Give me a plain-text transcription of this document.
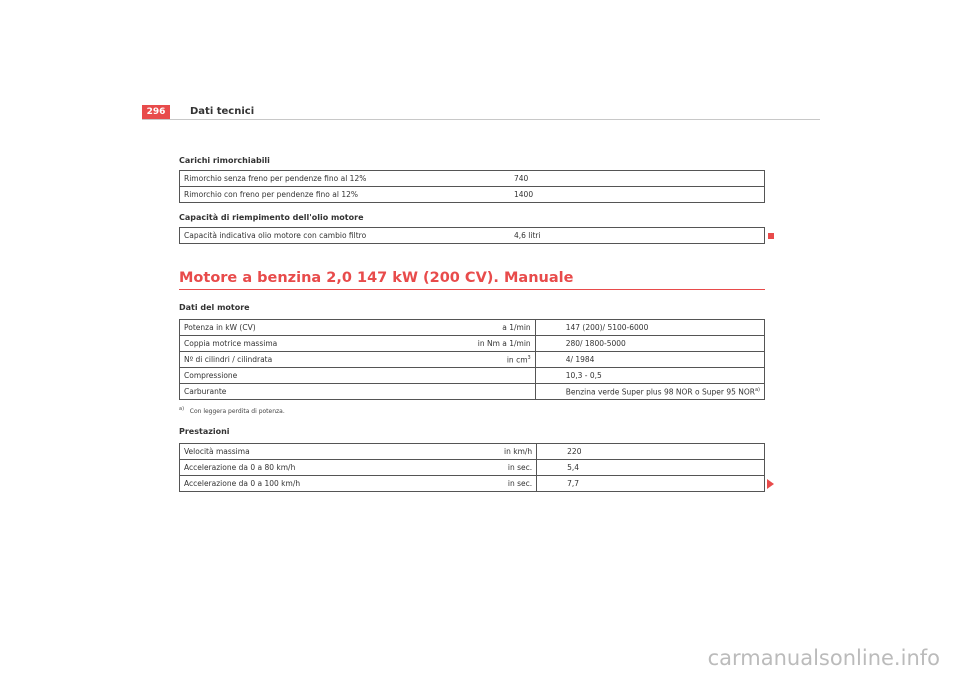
296	Dati tecnici
Carichi rimorchiabili
Rimorchio senza freno per pendenze fino al 12%	740
Rimorchio con freno per pendenze fino al 12%	1400
Capacità di riempimento dell'olio motore
Capacità indicativa olio motore con cambio filtro	4,6 litri
Motore a benzina 2,0 147 kW (200 CV). Manuale
Dati del motore
Potenza in kW (CV)	a 1/min	147 (200)/ 5100-6000
Coppia motrice massima	in Nm a 1/min	280/ 1800-5000
Nº di cilindri / cilindrata	in $cm^3$	4/ 1984
Compressione		10,3 - 0,5
Carburante		Benzina verde Super plus 98 NOR o Super 95 NOR$^{a)}$
$^{a)}$ Con leggera perdita di potenza.
Prestazioni
Velocità massima	in km/h	220
Accelerazione da 0 a 80 km/h	in sec.	5,4
Accelerazione da 0 a 100 km/h	in sec.	7,7
carmanualsonline.info
